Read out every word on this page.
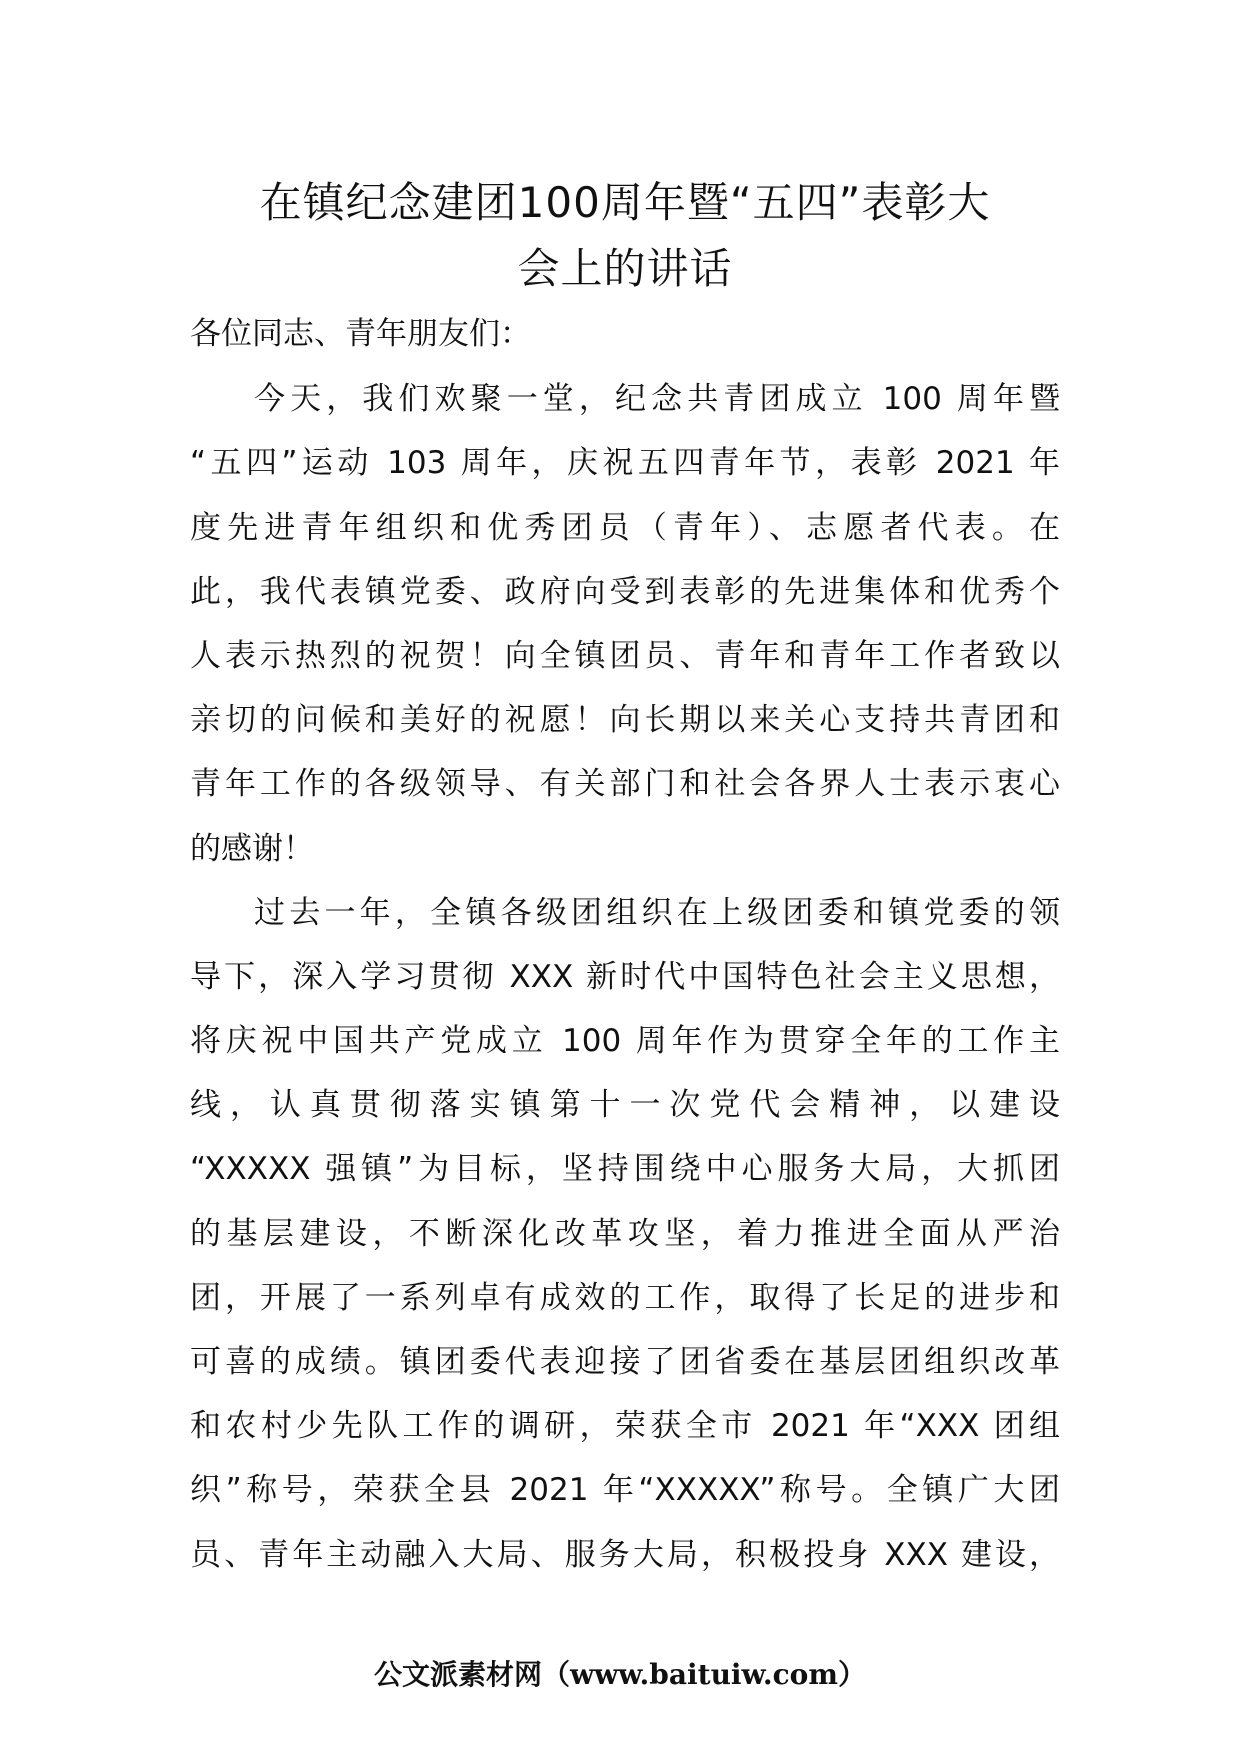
在镇纪念建团100周年暨“五四”表彰大
会上的讲话
各位同志、青年朋友们：
今天，我们欢聚一堂，纪念共青团成立 100 周年暨
“五四”运动 103 周年，庆祝五四青年节，表彰 2021 年
度先进青年组织和优秀团员（青年）、志愿者代表。在
此，我代表镇党委、政府向受到表彰的先进集体和优秀个
人表示热烈的祝贺！向全镇团员、青年和青年工作者致以
亲切的问候和美好的祝愿！向长期以来关心支持共青团和
青年工作的各级领导、有关部门和社会各界人士表示衷心
的感谢！
过去一年，全镇各级团组织在上级团委和镇党委的领
导下，深入学习贯彻 XXX 新时代中国特色社会主义思想，
将庆祝中国共产党成立 100 周年作为贯穿全年的工作主
线，认真贯彻落实镇第十一次党代会精神，以建设
“XXXXX 强镇”为目标，坚持围绕中心服务大局，大抓团
的基层建设，不断深化改革攻坚，着力推进全面从严治
团，开展了一系列卓有成效的工作，取得了长足的进步和
可喜的成绩。镇团委代表迎接了团省委在基层团组织改革
和农村少先队工作的调研，荣获全市 2021 年“XXX 团组
织”称号，荣获全县 2021 年“XXXXX”称号。全镇广大团
员、青年主动融入大局、服务大局，积极投身 XXX 建设，
公文派素材网（www.baituiw.com）
